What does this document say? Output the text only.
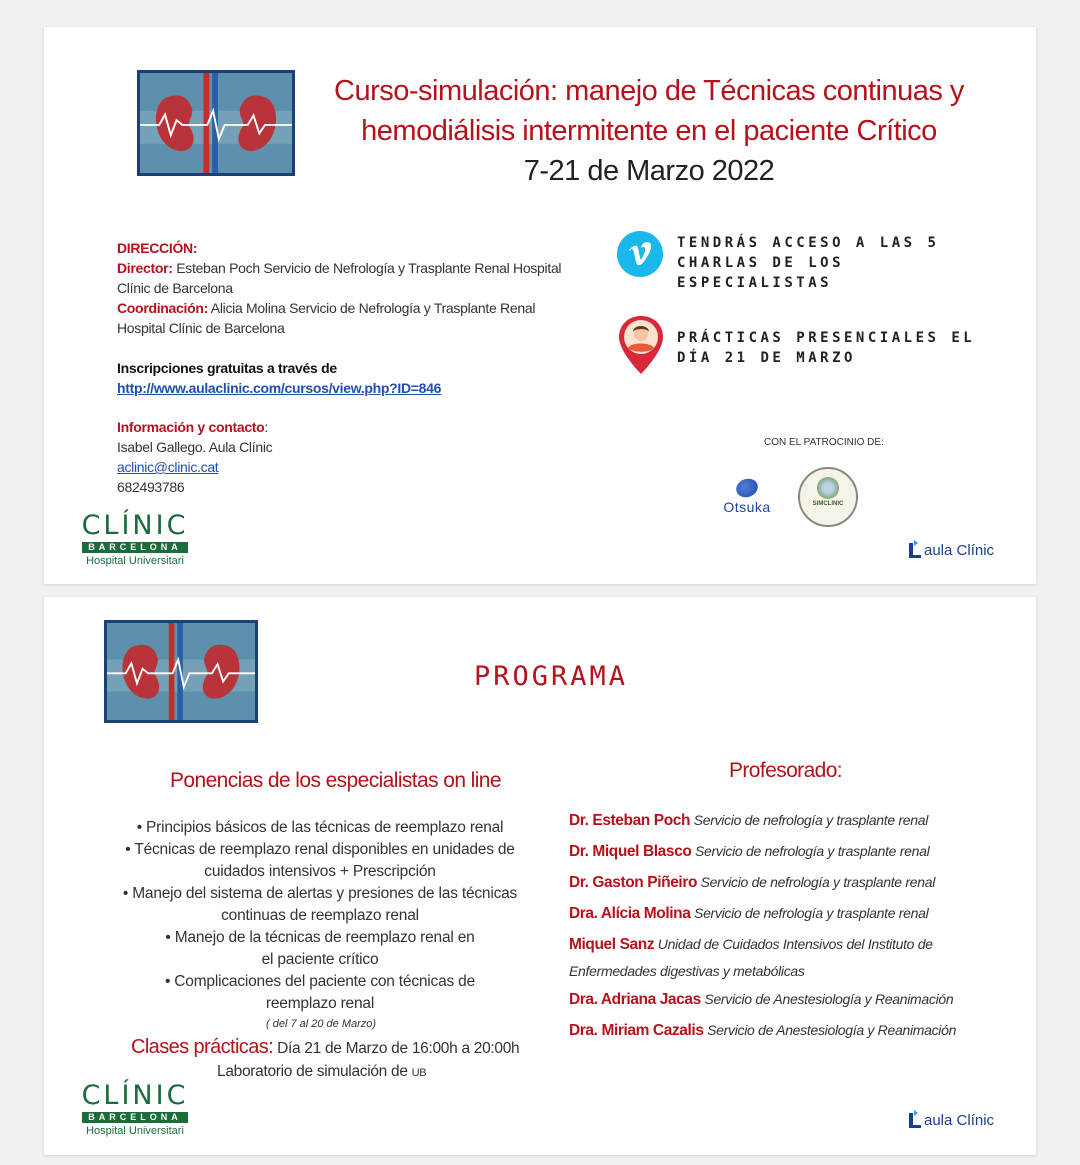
Curso-simulación: manejo de Técnicas continuas y
hemodiálisis intermitente en el paciente Crítico
7-21 de Marzo 2022
DIRECCIÓN:
Director: Esteban Poch Servicio de Nefrología y Trasplante Renal Hospital
Clínic de Barcelona
Coordinación: Alicia Molina Servicio de Nefrología y Trasplante Renal
Hospital Clínic de Barcelona
Inscripciones gratuitas a través de
http://www.aulaclinic.com/cursos/view.php?ID=846
Información y contacto:
Isabel Gallego. Aula Clínic
aclinic@clinic.cat
682493786
TENDRÁS ACCESO A LAS 5
CHARLAS DE LOS
ESPECIALISTAS
PRÁCTICAS PRESENCIALES EL
DÍA 21 DE MARZO
CON EL PATROCINIO DE:
Otsuka	SIMCLINIC
CLÍNIC
BARCELONA
Hospital Universitari
aula Clínic
PROGRAMA
Ponencias de los especialistas on line
• Principios básicos de las técnicas de reemplazo renal
• Técnicas de reemplazo renal disponibles en unidades de
cuidados intensivos + Prescripción
• Manejo del sistema de alertas y presiones de las técnicas
continuas de reemplazo renal
• Manejo de la técnicas de reemplazo renal en
el paciente crítico
• Complicaciones del paciente con técnicas de
reemplazo renal
( del 7 al 20 de Marzo)
Clases prácticas: Día 21 de Marzo de 16:00h a 20:00h
Laboratorio de simulación de UB
Profesorado:
Dr. Esteban Poch Servicio de nefrología y trasplante renal
Dr. Miquel Blasco Servicio de nefrología y trasplante renal
Dr. Gaston Piñeiro Servicio de nefrología y trasplante renal
Dra. Alícia Molina Servicio de nefrología y trasplante renal
Miquel Sanz Unidad de Cuidados Intensivos del Instituto de
Enfermedades digestivas y metabólicas
Dra. Adriana Jacas Servicio de Anestesiología y Reanimación
Dra. Miriam Cazalis Servicio de Anestesiología y Reanimación
CLÍNIC
BARCELONA
Hospital Universitari
aula Clínic
